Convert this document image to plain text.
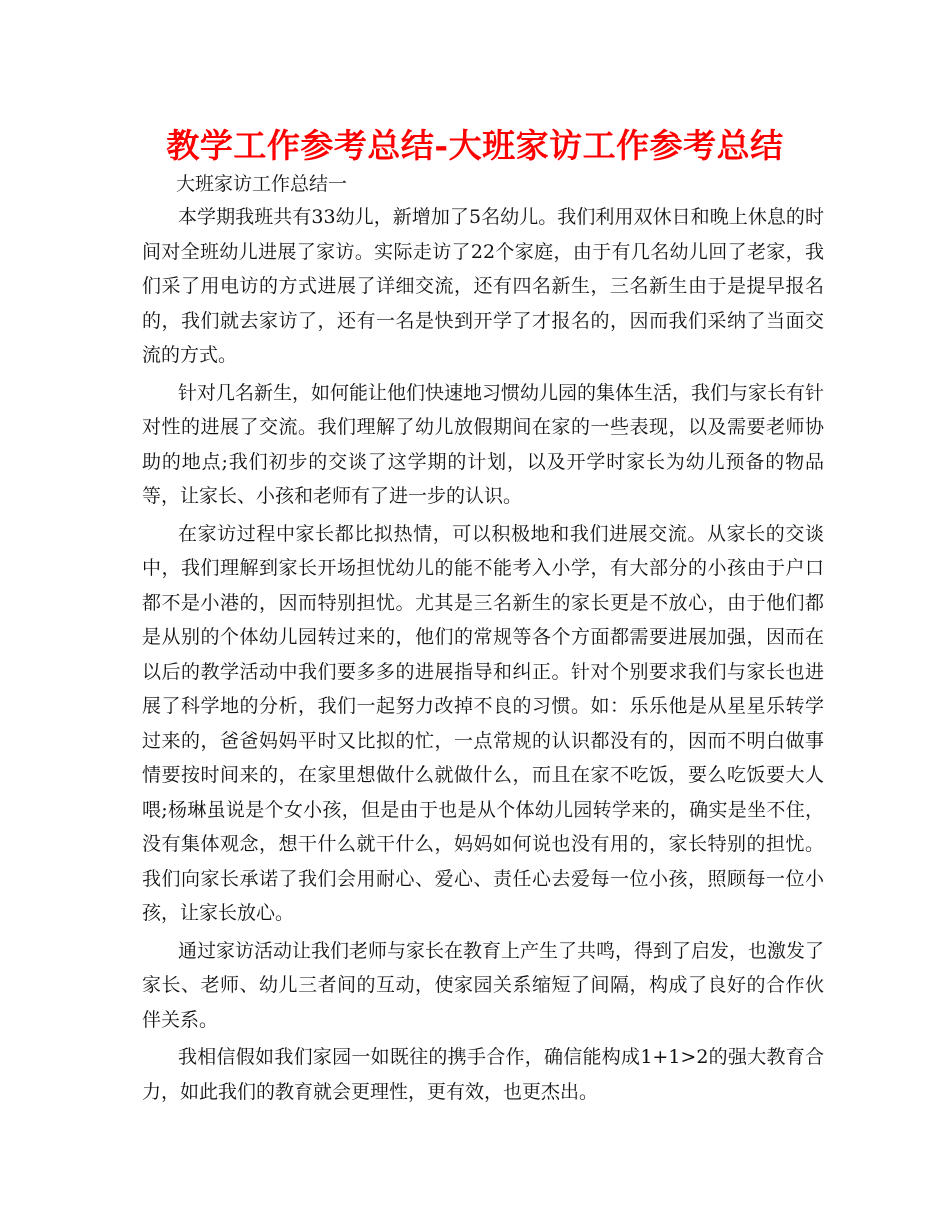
教学工作参考总结-大班家访工作参考总结
大班家访工作总结一

本学期我班共有33幼儿，新增加了5名幼儿。我们利用双休日和晚上休息的时间对全班幼儿进展了家访。实际走访了22个家庭，由于有几名幼儿回了老家，我们采了用电访的方式进展了详细交流，还有四名新生，三名新生由于是提早报名的，我们就去家访了，还有一名是快到开学了才报名的，因而我们采纳了当面交流的方式。

针对几名新生，如何能让他们快速地习惯幼儿园的集体生活，我们与家长有针对性的进展了交流。我们理解了幼儿放假期间在家的一些表现，以及需要老师协助的地点;我们初步的交谈了这学期的计划，以及开学时家长为幼儿预备的物品等，让家长、小孩和老师有了进一步的认识。

在家访过程中家长都比拟热情，可以积极地和我们进展交流。从家长的交谈中，我们理解到家长开场担忧幼儿的能不能考入小学，有大部分的小孩由于户口都不是小港的，因而特别担忧。尤其是三名新生的家长更是不放心，由于他们都是从别的个体幼儿园转过来的，他们的常规等各个方面都需要进展加强，因而在以后的教学活动中我们要多多的进展指导和纠正。针对个别要求我们与家长也进展了科学地的分析，我们一起努力改掉不良的习惯。如：乐乐他是从星星乐转学过来的，爸爸妈妈平时又比拟的忙，一点常规的认识都没有的，因而不明白做事情要按时间来的，在家里想做什么就做什么，而且在家不吃饭，要么吃饭要大人喂;杨琳虽说是个女小孩，但是由于也是从个体幼儿园转学来的，确实是坐不住，没有集体观念，想干什么就干什么，妈妈如何说也没有用的，家长特别的担忧。我们向家长承诺了我们会用耐心、爱心、责任心去爱每一位小孩，照顾每一位小孩，让家长放心。

通过家访活动让我们老师与家长在教育上产生了共鸣，得到了启发，也激发了家长、老师、幼儿三者间的互动，使家园关系缩短了间隔，构成了良好的合作伙伴关系。

我相信假如我们家园一如既往的携手合作，确信能构成1+1>2的强大教育合力，如此我们的教育就会更理性，更有效，也更杰出。
